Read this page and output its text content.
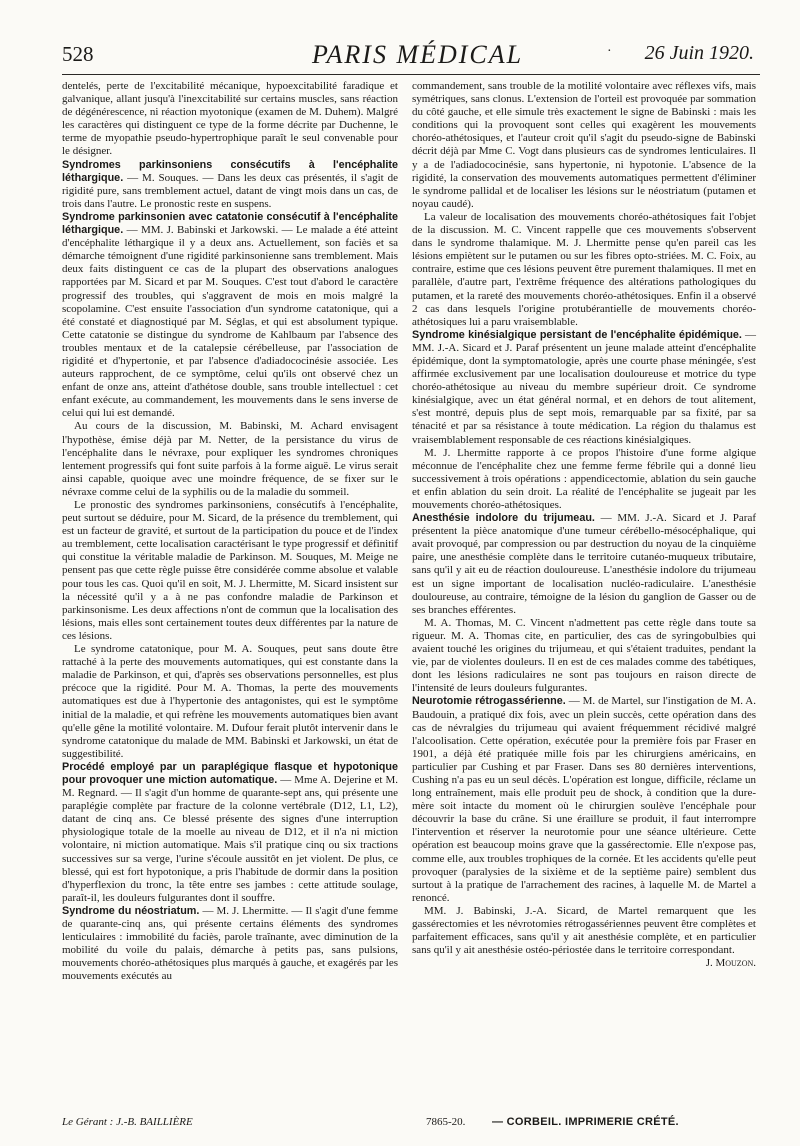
528	PARIS MÉDICAL	· 26 Juin 1920.

dentelés, perte de l'excitabilité mécanique, hypoexcitabilité faradique et galvanique, allant jusqu'à l'inexcitabilité sur certains muscles, sans réaction de dégénérescence, ni réaction myotonique (examen de M. Duhem). Malgré les caractères qui distinguent ce type de la forme décrite par Duchenne, le terme de myopathie pseudo-hypertrophique paraît le seul convenable pour le désigner.

Syndromes parkinsoniens consécutifs à l'encéphalite léthargique. — M. Souques. — Dans les deux cas présentés, il s'agit de rigidité pure, sans tremblement actuel, datant de vingt mois dans un cas, de trois dans l'autre. Le pronostic reste en suspens.

Syndrome parkinsonien avec catatonie consécutif à l'encéphalite léthargique. — MM. J. Babinski et Jarkowski. — Le malade a été atteint d'encéphalite léthargique il y a deux ans. Actuellement, son faciès et sa démarche témoignent d'une rigidité parkinsonienne sans tremblement. Mais deux faits distinguent ce cas de la plupart des observations analogues rapportées par M. Sicard et par M. Souques. C'est tout d'abord le caractère progressif des troubles, qui s'aggravent de mois en mois malgré la scopolamine. C'est ensuite l'association d'un syndrome catatonique, qui a été constaté et diagnostiqué par M. Séglas, et qui est absolument typique. Cette catatonie se distingue du syndrome de Kahlbaum par l'absence des troubles mentaux et de la catalepsie cérébelleuse, par l'association de rigidité et d'hypertonie, et par l'absence d'adiadococinésie associée. Les auteurs rapprochent, de ce symptôme, celui qu'ils ont observé chez un enfant de onze ans, atteint d'athétose double, sans trouble intellectuel : cet enfant exécute, au commandement, les mouvements dans le sens inverse de celui qui lui est demandé.

Au cours de la discussion, M. Babinski, M. Achard envisagent l'hypothèse, émise déjà par M. Netter, de la persistance du virus de l'encéphalite dans le névraxe, pour expliquer les syndromes chroniques lentement progressifs qui font suite parfois à la forme aiguë. Le virus serait ainsi capable, quoique avec une moindre fréquence, de se fixer sur le névraxe comme celui de la syphilis ou de la maladie du sommeil.

Le pronostic des syndromes parkinsoniens, consécutifs à l'encéphalite, peut surtout se déduire, pour M. Sicard, de la présence du tremblement, qui est un facteur de gravité, et surtout de la participation du pouce et de l'index au tremblement, cette localisation caractérisant le type progressif et définitif qui constitue la véritable maladie de Parkinson. M. Souques, M. Meige ne pensent pas que cette règle puisse être considérée comme absolue et valable pour tous les cas. Quoi qu'il en soit, M. J. Lhermitte, M. Sicard insistent sur la nécessité qu'il y a à ne pas confondre maladie de Parkinson et parkinsonisme. Les deux affections n'ont de commun que la localisation des lésions, mais elles sont certainement toutes deux différentes par la nature de ces lésions.

Le syndrome catatonique, pour M. A. Souques, peut sans doute être rattaché à la perte des mouvements automatiques, qui est constante dans la maladie de Parkinson, et qui, d'après ses observations personnelles, est plus précoce que la rigidité. Pour M. A. Thomas, la perte des mouvements automatiques est due à l'hypertonie des antagonistes, qui est le symptôme initial de la maladie, et qui refrène les mouvements automatiques bien avant qu'elle gêne la motilité volontaire. M. Dufour ferait plutôt intervenir dans le syndrome catatonique du malade de MM. Babinski et Jarkowski, un état de suggestibilité.

Procédé employé par un paraplégique flasque et hypotonique pour provoquer une miction automatique. — Mme A. Dejerine et M. M. Regnard. — Il s'agit d'un homme de quarante-sept ans, qui présente une paraplégie complète par fracture de la colonne vertébrale (D12, L1, L2), datant de cinq ans. Ce blessé présente des signes d'une interruption physiologique totale de la moelle au niveau de D12, et il n'a ni miction volontaire, ni miction automatique. Mais s'il pratique cinq ou six tractions successives sur sa verge, l'urine s'écoule aussitôt en jet violent. De plus, ce blessé, qui est fort hypotonique, a pris l'habitude de dormir dans la position d'hyperflexion du tronc, la tête entre ses jambes : cette attitude soulage, paraît-il, les douleurs fulgurantes dont il souffre.

Syndrome du néostriatum. — M. J. Lhermitte. — Il s'agit d'une femme de quarante-cinq ans, qui présente certains éléments des syndromes lenticulaires : immobilité du faciès, parole traînante, avec diminution de la mobilité du voile du palais, démarche à petits pas, sans pulsions, mouvements choréo-athétosiques plus marqués à gauche, et exagérés par les mouvements exécutés au

commandement, sans trouble de la motilité volontaire avec réflexes vifs, mais symétriques, sans clonus. L'extension de l'orteil est provoquée par sommation du côté gauche, et elle simule très exactement le signe de Babinski : mais les conditions qui la provoquent sont celles qui exagèrent les mouvements choréo-athétosiques, et l'auteur croit qu'il s'agit du pseudo-signe de Babinski décrit déjà par Mme C. Vogt dans plusieurs cas de syndromes lenticulaires. Il y a de l'adiadococinésie, sans hypertonie, ni hypotonie. L'absence de la rigidité, la conservation des mouvements automatiques permettent d'éliminer le syndrome pallidal et de localiser les lésions sur le néostriatum (putamen et noyau caudé).

La valeur de localisation des mouvements choréo-athétosiques fait l'objet de la discussion. M. C. Vincent rappelle que ces mouvements s'observent dans le syndrome thalamique. M. J. Lhermitte pense qu'en pareil cas les lésions empiètent sur le putamen ou sur les fibres opto-striées. M. C. Foix, au contraire, estime que ces lésions peuvent être purement thalamiques. Il met en parallèle, d'autre part, l'extrême fréquence des altérations pathologiques du putamen, et la rareté des mouvements choréo-athétosiques. Enfin il a observé 2 cas dans lesquels l'origine protubérantielle de mouvements choréo-athétosiques lui a paru vraisemblable.

Syndrome kinésialgique persistant de l'encéphalite épidémique. — MM. J.-A. Sicard et J. Paraf présentent un jeune malade atteint d'encéphalite épidémique, dont la symptomatologie, après une courte phase méningée, s'est affirmée exclusivement par une localisation douloureuse et motrice du type choréo-athétosique au niveau du membre supérieur droit. Ce syndrome kinésialgique, avec un état général normal, et en dehors de tout alitement, s'est montré, depuis plus de sept mois, remarquable par sa fixité, par sa ténacité et par sa résistance à toute médication. La région du thalamus est vraisemblablement responsable de ces réactions kinésialgiques.

M. J. Lhermitte rapporte à ce propos l'histoire d'une forme algique méconnue de l'encéphalite chez une femme ferme fébrile qui a donné lieu successivement à trois opérations : appendicectomie, ablation du sein gauche et enfin ablation du sein droit. La réalité de l'encéphalite se jugeait par les mouvements choréo-athétosiques.

Anesthésie indolore du trijumeau. — MM. J.-A. Sicard et J. Paraf présentent la pièce anatomique d'une tumeur cérébello-mésocéphalique, qui avait provoqué, par compression ou par destruction du noyau de la cinquième paire, une anesthésie complète dans le territoire cutanéo-muqueux tributaire, sans qu'il y ait eu de réaction douloureuse. L'anesthésie indolore du trijumeau est un signe important de localisation nucléo-radiculaire. L'anesthésie douloureuse, au contraire, témoigne de la lésion du ganglion de Gasser ou de ses branches efférentes.

M. A. Thomas, M. C. Vincent n'admettent pas cette règle dans toute sa rigueur. M. A. Thomas cite, en particulier, des cas de syringobulbies qui avaient touché les origines du trijumeau, et qui s'étaient traduites, pendant la vie, par de violentes douleurs. Il en est de ces malades comme des tabétiques, dont les lésions radiculaires ne sont pas toujours en raison directe de l'intensité de leurs douleurs fulgurantes.

Neurotomie rétrogassérienne. — M. de Martel, sur l'instigation de M. A. Baudouin, a pratiqué dix fois, avec un plein succès, cette opération dans des cas de névralgies du trijumeau qui avaient fréquemment récidivé malgré l'alcoolisation. Cette opération, exécutée pour la première fois par Fraser en 1901, a déjà été pratiquée mille fois par les chirurgiens américains, en particulier par Cushing et par Fraser. Dans ses 80 dernières interventions, Cushing n'a pas eu un seul décès. L'opération est longue, difficile, réclame un long entraînement, mais elle produit peu de shock, à condition que la dure-mère soit intacte du moment où le chirurgien soulève l'encéphale pour découvrir la base du crâne. Si une éraillure se produit, il faut interrompre l'intervention et réserver la neurotomie pour une séance ultérieure. Cette opération est beaucoup moins grave que la gassérectomie. Elle n'expose pas, comme elle, aux troubles trophiques de la cornée. Et les accidents qu'elle peut provoquer (paralysies de la sixième et de la septième paire) semblent dus surtout à la pratique de l'arrachement des racines, à laquelle M. de Martel a renoncé.

MM. J. Babinski, J.-A. Sicard, de Martel remarquent que les gassérectomies et les névrotomies rétrogassériennes peuvent être complètes et parfaitement efficaces, sans qu'il y ait anesthésie complète, et en particulier sans qu'il y ait anesthésie ostéo-périostée dans le territoire correspondant.

J. Mouzon.

Le Gérant : J.-B. BAILLIÈRE	7865-20. — CORBEIL. IMPRIMERIE CRÉTÉ.
